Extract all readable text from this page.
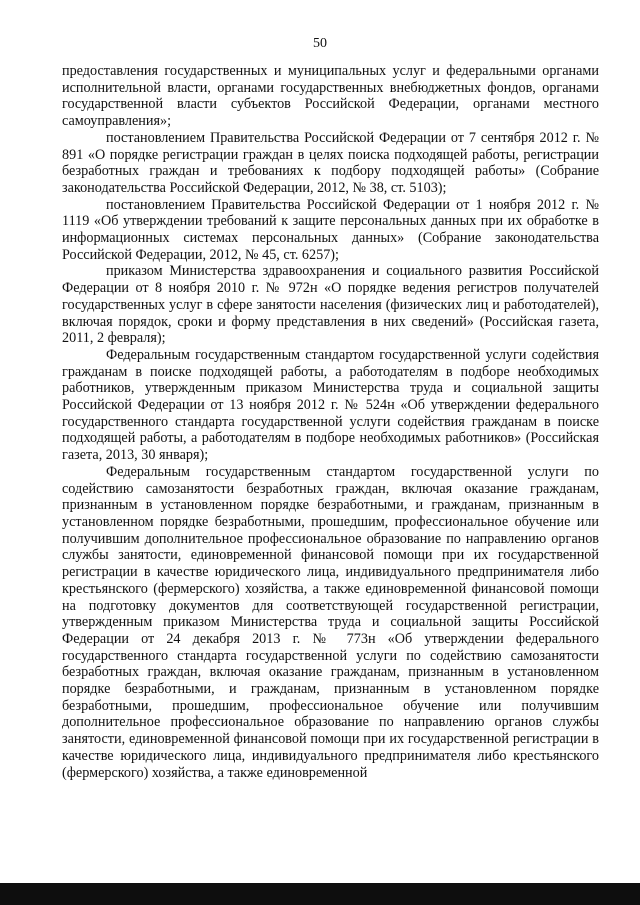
50

предоставления государственных и муниципальных услуг и федеральными органами исполнительной власти, органами государственных внебюджетных фондов, органами государственной власти субъектов Российской Федерации, органами местного самоуправления»;

постановлением Правительства Российской Федерации от 7 сентября 2012 г. № 891 «О порядке регистрации граждан в целях поиска подходящей работы, регистрации безработных граждан и требованиях к подбору подходящей работы» (Собрание законодательства Российской Федерации, 2012, № 38, ст. 5103);

постановлением Правительства Российской Федерации от 1 ноября 2012 г. № 1119 «Об утверждении требований к защите персональных данных при их обработке в информационных системах персональных данных» (Собрание законодательства Российской Федерации, 2012, № 45, ст. 6257);

приказом Министерства здравоохранения и социального развития Российской Федерации от 8 ноября 2010 г. № 972н «О порядке ведения регистров получателей государственных услуг в сфере занятости населения (физических лиц и работодателей), включая порядок, сроки и форму представления в них сведений» (Российская газета, 2011, 2 февраля);

Федеральным государственным стандартом государственной услуги содействия гражданам в поиске подходящей работы, а работодателям в подборе необходимых работников, утвержденным приказом Министерства труда и социальной защиты Российской Федерации от 13 ноября 2012 г. № 524н «Об утверждении федерального государственного стандарта государственной услуги содействия гражданам в поиске подходящей работы, а работодателям в подборе необходимых работников» (Российская газета, 2013, 30 января);

Федеральным государственным стандартом государственной услуги по содействию самозанятости безработных граждан, включая оказание гражданам, признанным в установленном порядке безработными, и гражданам, признанным в установленном порядке безработными, прошедшим, профессиональное обучение или получившим дополнительное профессиональное образование по направлению органов службы занятости, единовременной финансовой помощи при их государственной регистрации в качестве юридического лица, индивидуального предпринимателя либо крестьянского (фермерского) хозяйства, а также единовременной финансовой помощи на подготовку документов для соответствующей государственной регистрации, утвержденным приказом Министерства труда и социальной защиты Российской Федерации от 24 декабря 2013 г. № 773н «Об утверждении федерального государственного стандарта государственной услуги по содействию самозанятости безработных граждан, включая оказание гражданам, признанным в установленном порядке безработными, и гражданам, признанным в установленном порядке безработными, прошедшим, профессиональное обучение или получившим дополнительное профессиональное образование по направлению органов службы занятости, единовременной финансовой помощи при их государственной регистрации в качестве юридического лица, индивидуального предпринимателя либо крестьянского (фермерского) хозяйства, а также единовременной
